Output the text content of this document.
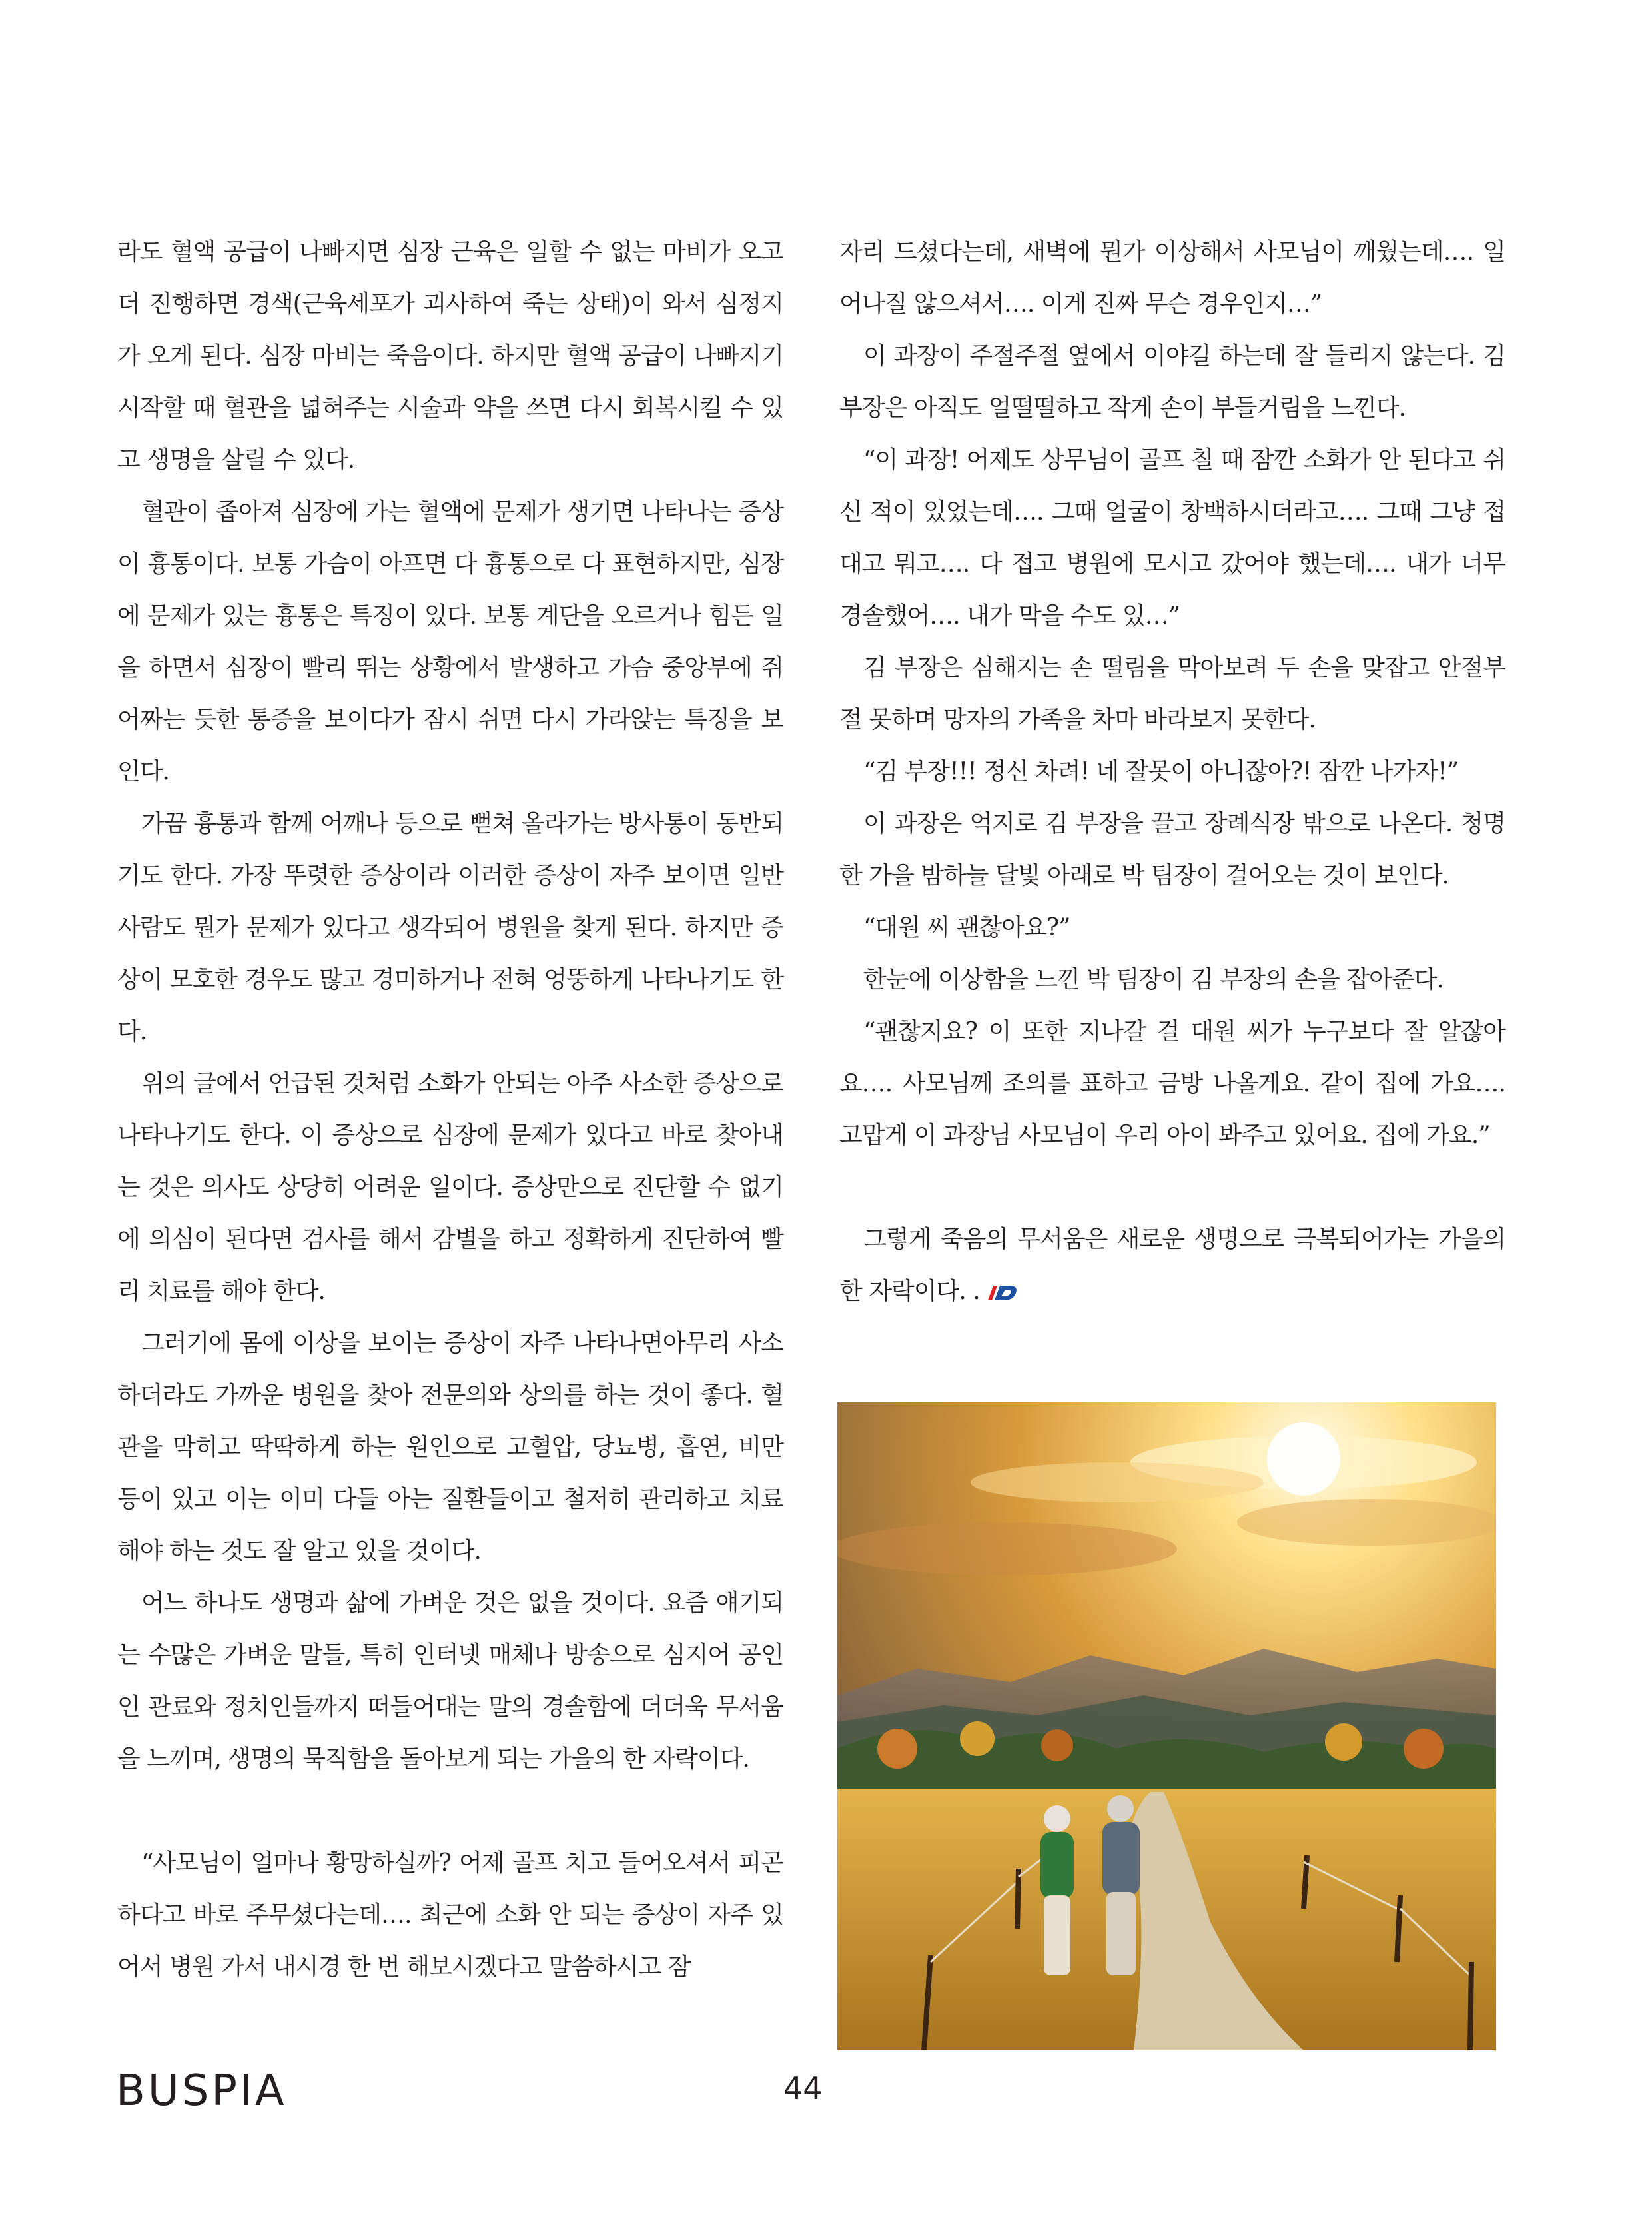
라도 혈액 공급이 나빠지면 심장 근육은 일할 수 없는 마비가 오고 더 진행하면 경색(근육세포가 괴사하여 죽는 상태)이 와서 심정지가 오게 된다. 심장 마비는 죽음이다. 하지만 혈액 공급이 나빠지기 시작할 때 혈관을 넓혀주는 시술과 약을 쓰면 다시 회복시킬 수 있고 생명을 살릴 수 있다.

혈관이 좁아져 심장에 가는 혈액에 문제가 생기면 나타나는 증상이 흉통이다. 보통 가슴이 아프면 다 흉통으로 다 표현하지만, 심장에 문제가 있는 흉통은 특징이 있다. 보통 계단을 오르거나 힘든 일을 하면서 심장이 빨리 뛰는 상황에서 발생하고 가슴 중앙부에 쥐어짜는 듯한 통증을 보이다가 잠시 쉬면 다시 가라앉는 특징을 보인다.

가끔 흉통과 함께 어깨나 등으로 뻗쳐 올라가는 방사통이 동반되기도 한다. 가장 뚜렷한 증상이라 이러한 증상이 자주 보이면 일반사람도 뭔가 문제가 있다고 생각되어 병원을 찾게 된다. 하지만 증상이 모호한 경우도 많고 경미하거나 전혀 엉뚱하게 나타나기도 한다.

위의 글에서 언급된 것처럼 소화가 안되는 아주 사소한 증상으로 나타나기도 한다. 이 증상으로 심장에 문제가 있다고 바로 찾아내는 것은 의사도 상당히 어려운 일이다. 증상만으로 진단할 수 없기에 의심이 된다면 검사를 해서 감별을 하고 정확하게 진단하여 빨리 치료를 해야 한다.

그러기에 몸에 이상을 보이는 증상이 자주 나타나면아무리 사소하더라도 가까운 병원을 찾아 전문의와 상의를 하는 것이 좋다. 혈관을 막히고 딱딱하게 하는 원인으로 고혈압, 당뇨병, 흡연, 비만 등이 있고 이는 이미 다들 아는 질환들이고 철저히 관리하고 치료해야 하는 것도 잘 알고 있을 것이다.

어느 하나도 생명과 삶에 가벼운 것은 없을 것이다. 요즘 얘기되는 수많은 가벼운 말들, 특히 인터넷 매체나 방송으로 심지어 공인인 관료와 정치인들까지 떠들어대는 말의 경솔함에 더더욱 무서움을 느끼며, 생명의 묵직함을 돌아보게 되는 가을의 한 자락이다.

“사모님이 얼마나 황망하실까? 어제 골프 치고 들어오셔서 피곤하다고 바로 주무셨다는데…. 최근에 소화 안 되는 증상이 자주 있어서 병원 가서 내시경 한 번 해보시겠다고 말씀하시고 잠

자리 드셨다는데, 새벽에 뭔가 이상해서 사모님이 깨웠는데…. 일어나질 않으셔서…. 이게 진짜 무슨 경우인지…”

이 과장이 주절주절 옆에서 이야길 하는데 잘 들리지 않는다. 김 부장은 아직도 얼떨떨하고 작게 손이 부들거림을 느낀다.

“이 과장! 어제도 상무님이 골프 칠 때 잠깐 소화가 안 된다고 쉬신 적이 있었는데…. 그때 얼굴이 창백하시더라고…. 그때 그냥 접대고 뭐고…. 다 접고 병원에 모시고 갔어야 했는데…. 내가 너무 경솔했어…. 내가 막을 수도 있…”

김 부장은 심해지는 손 떨림을 막아보려 두 손을 맞잡고 안절부절 못하며 망자의 가족을 차마 바라보지 못한다.

“김 부장!!! 정신 차려! 네 잘못이 아니잖아?! 잠깐 나가자!”

이 과장은 억지로 김 부장을 끌고 장례식장 밖으로 나온다. 청명한 가을 밤하늘 달빛 아래로 박 팀장이 걸어오는 것이 보인다.

“대원 씨 괜찮아요?”

한눈에 이상함을 느낀 박 팀장이 김 부장의 손을 잡아준다.

“괜찮지요? 이 또한 지나갈 걸 대원 씨가 누구보다 잘 알잖아요…. 사모님께 조의를 표하고 금방 나올게요. 같이 집에 가요…. 고맙게 이 과장님 사모님이 우리 아이 봐주고 있어요. 집에 가요.”

그렇게 죽음의 무서움은 새로운 생명으로 극복되어가는 가을의 한 자락이다. .

BUSPIA	44
